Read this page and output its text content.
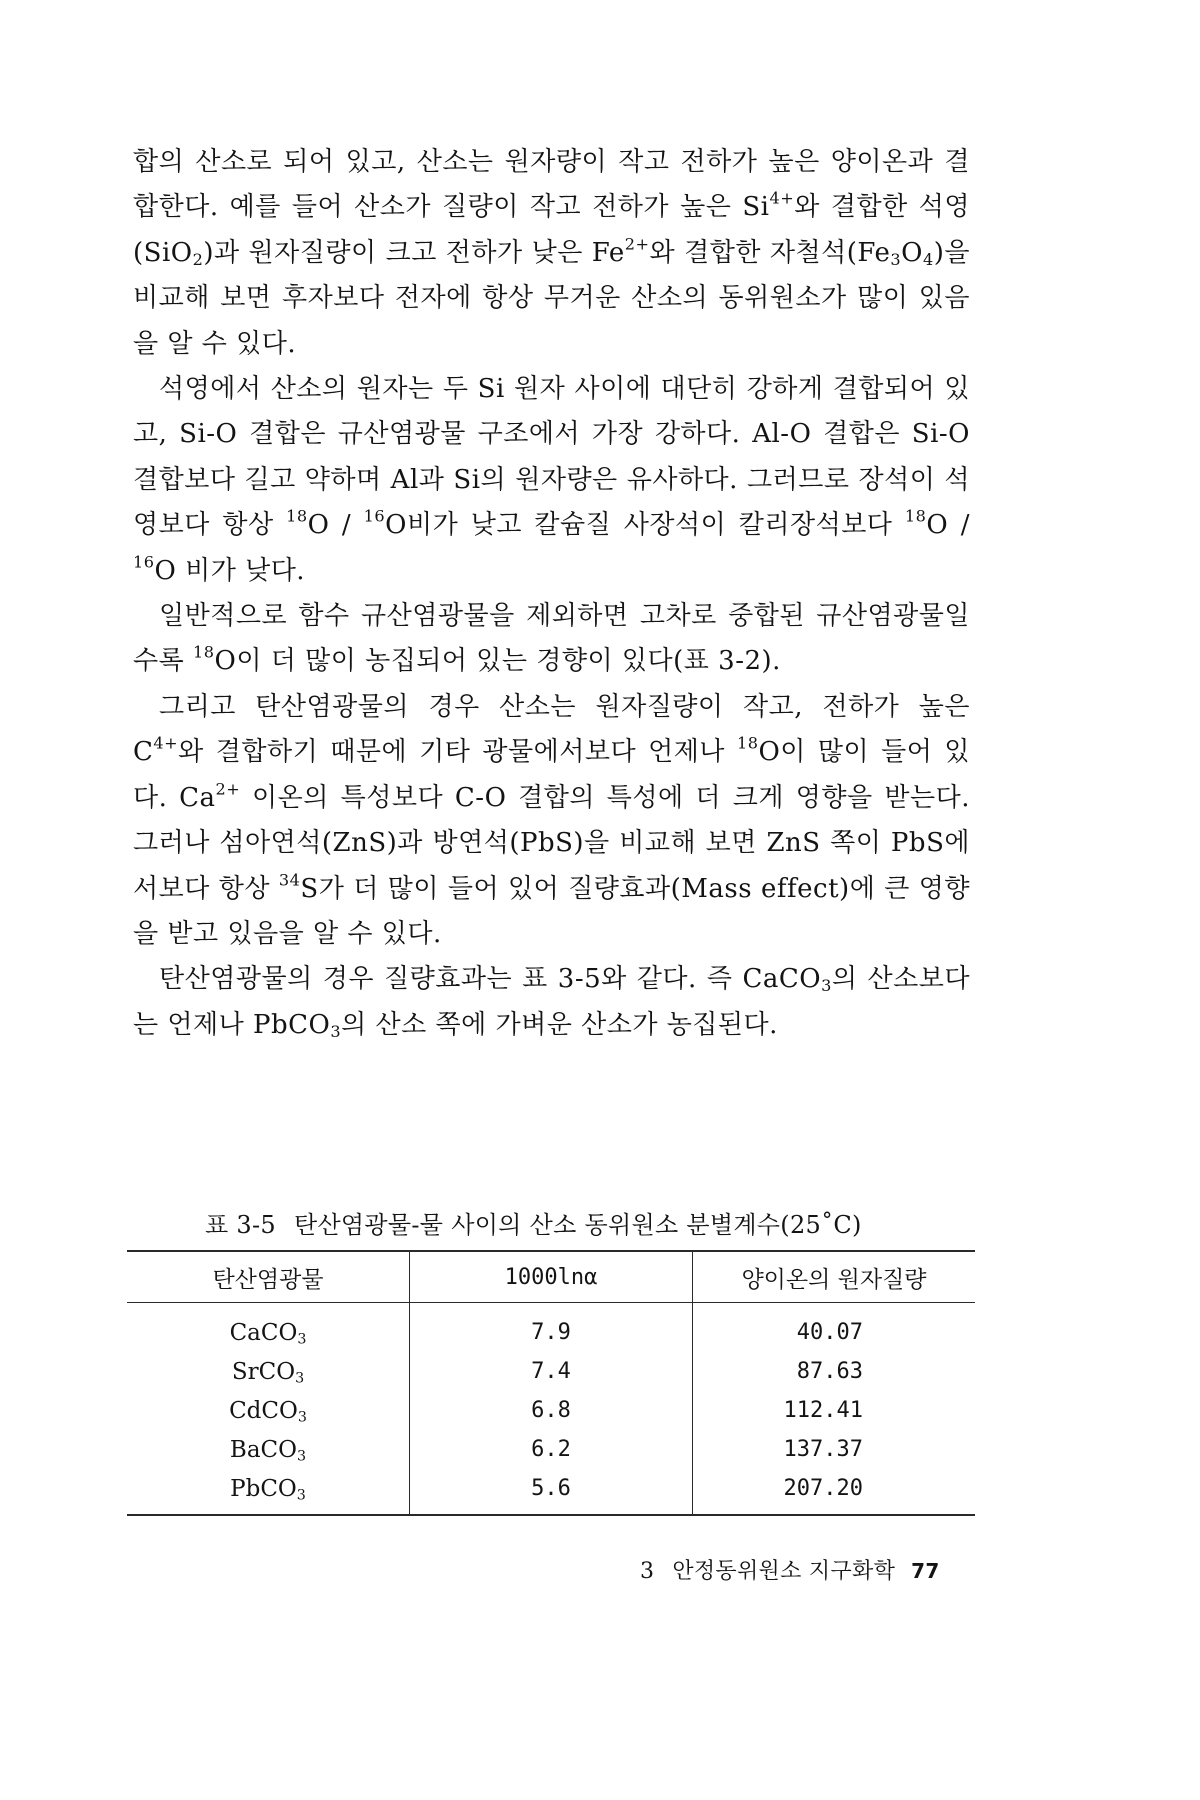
합의 산소로 되어 있고, 산소는 원자량이 작고 전하가 높은 양이온과 결합한다. 예를 들어 산소가 질량이 작고 전하가 높은 $Si^{4+}$와 결합한 석영(SiO$_2$)과 원자질량이 크고 전하가 낮은 $Fe^{2+}$와 결합한 자철석$(Fe_3O_4)$을 비교해 보면 후자보다 전자에 항상 무거운 산소의 동위원소가 많이 있음을 알 수 있다.

석영에서 산소의 원자는 두 Si 원자 사이에 대단히 강하게 결합되어 있고, Si-O 결합은 규산염광물 구조에서 가장 강하다. Al-O 결합은 Si-O 결합보다 길고 약하며 Al과 Si의 원자량은 유사하다. 그러므로 장석이 석영보다 항상 $^{18}$O / $^{16}$O비가 낮고 칼슘질 사장석이 칼리장석보다 $^{18}$O / $^{16}$O 비가 낮다.

일반적으로 함수 규산염광물을 제외하면 고차로 중합된 규산염광물일수록 $^{18}$O이 더 많이 농집되어 있는 경향이 있다(표 3-2).

그리고 탄산염광물의 경우 산소는 원자질량이 작고, 전하가 높은 $C^{4+}$와 결합하기 때문에 기타 광물에서보다 언제나 $^{18}$O이 많이 들어 있다. $Ca^{2+}$ 이온의 특성보다 C-O 결합의 특성에 더 크게 영향을 받는다. 그러나 섬아연석(ZnS)과 방연석(PbS)을 비교해 보면 ZnS 쪽이 PbS에서보다 항상 $^{34}$S가 더 많이 들어 있어 질량효과(Mass effect)에 큰 영향을 받고 있음을 알 수 있다.

탄산염광물의 경우 질량효과는 표 3-5와 같다. 즉 CaCO$_3$의 산소보다는 언제나 PbCO$_3$의 산소 쪽에 가벼운 산소가 농집된다.

표 3-5 탄산염광물-물 사이의 산소 동위원소 분별계수(25˚C)
탄산염광물	1000lnα	양이온의 원자질량
CaCO$_3$	7.9	40.07
SrCO$_3$	7.4	87.63
CdCO$_3$	6.8	112.41
BaCO$_3$	6.2	137.37
PbCO$_3$	5.6	207.20
3 안정동위원소 지구화학 77
